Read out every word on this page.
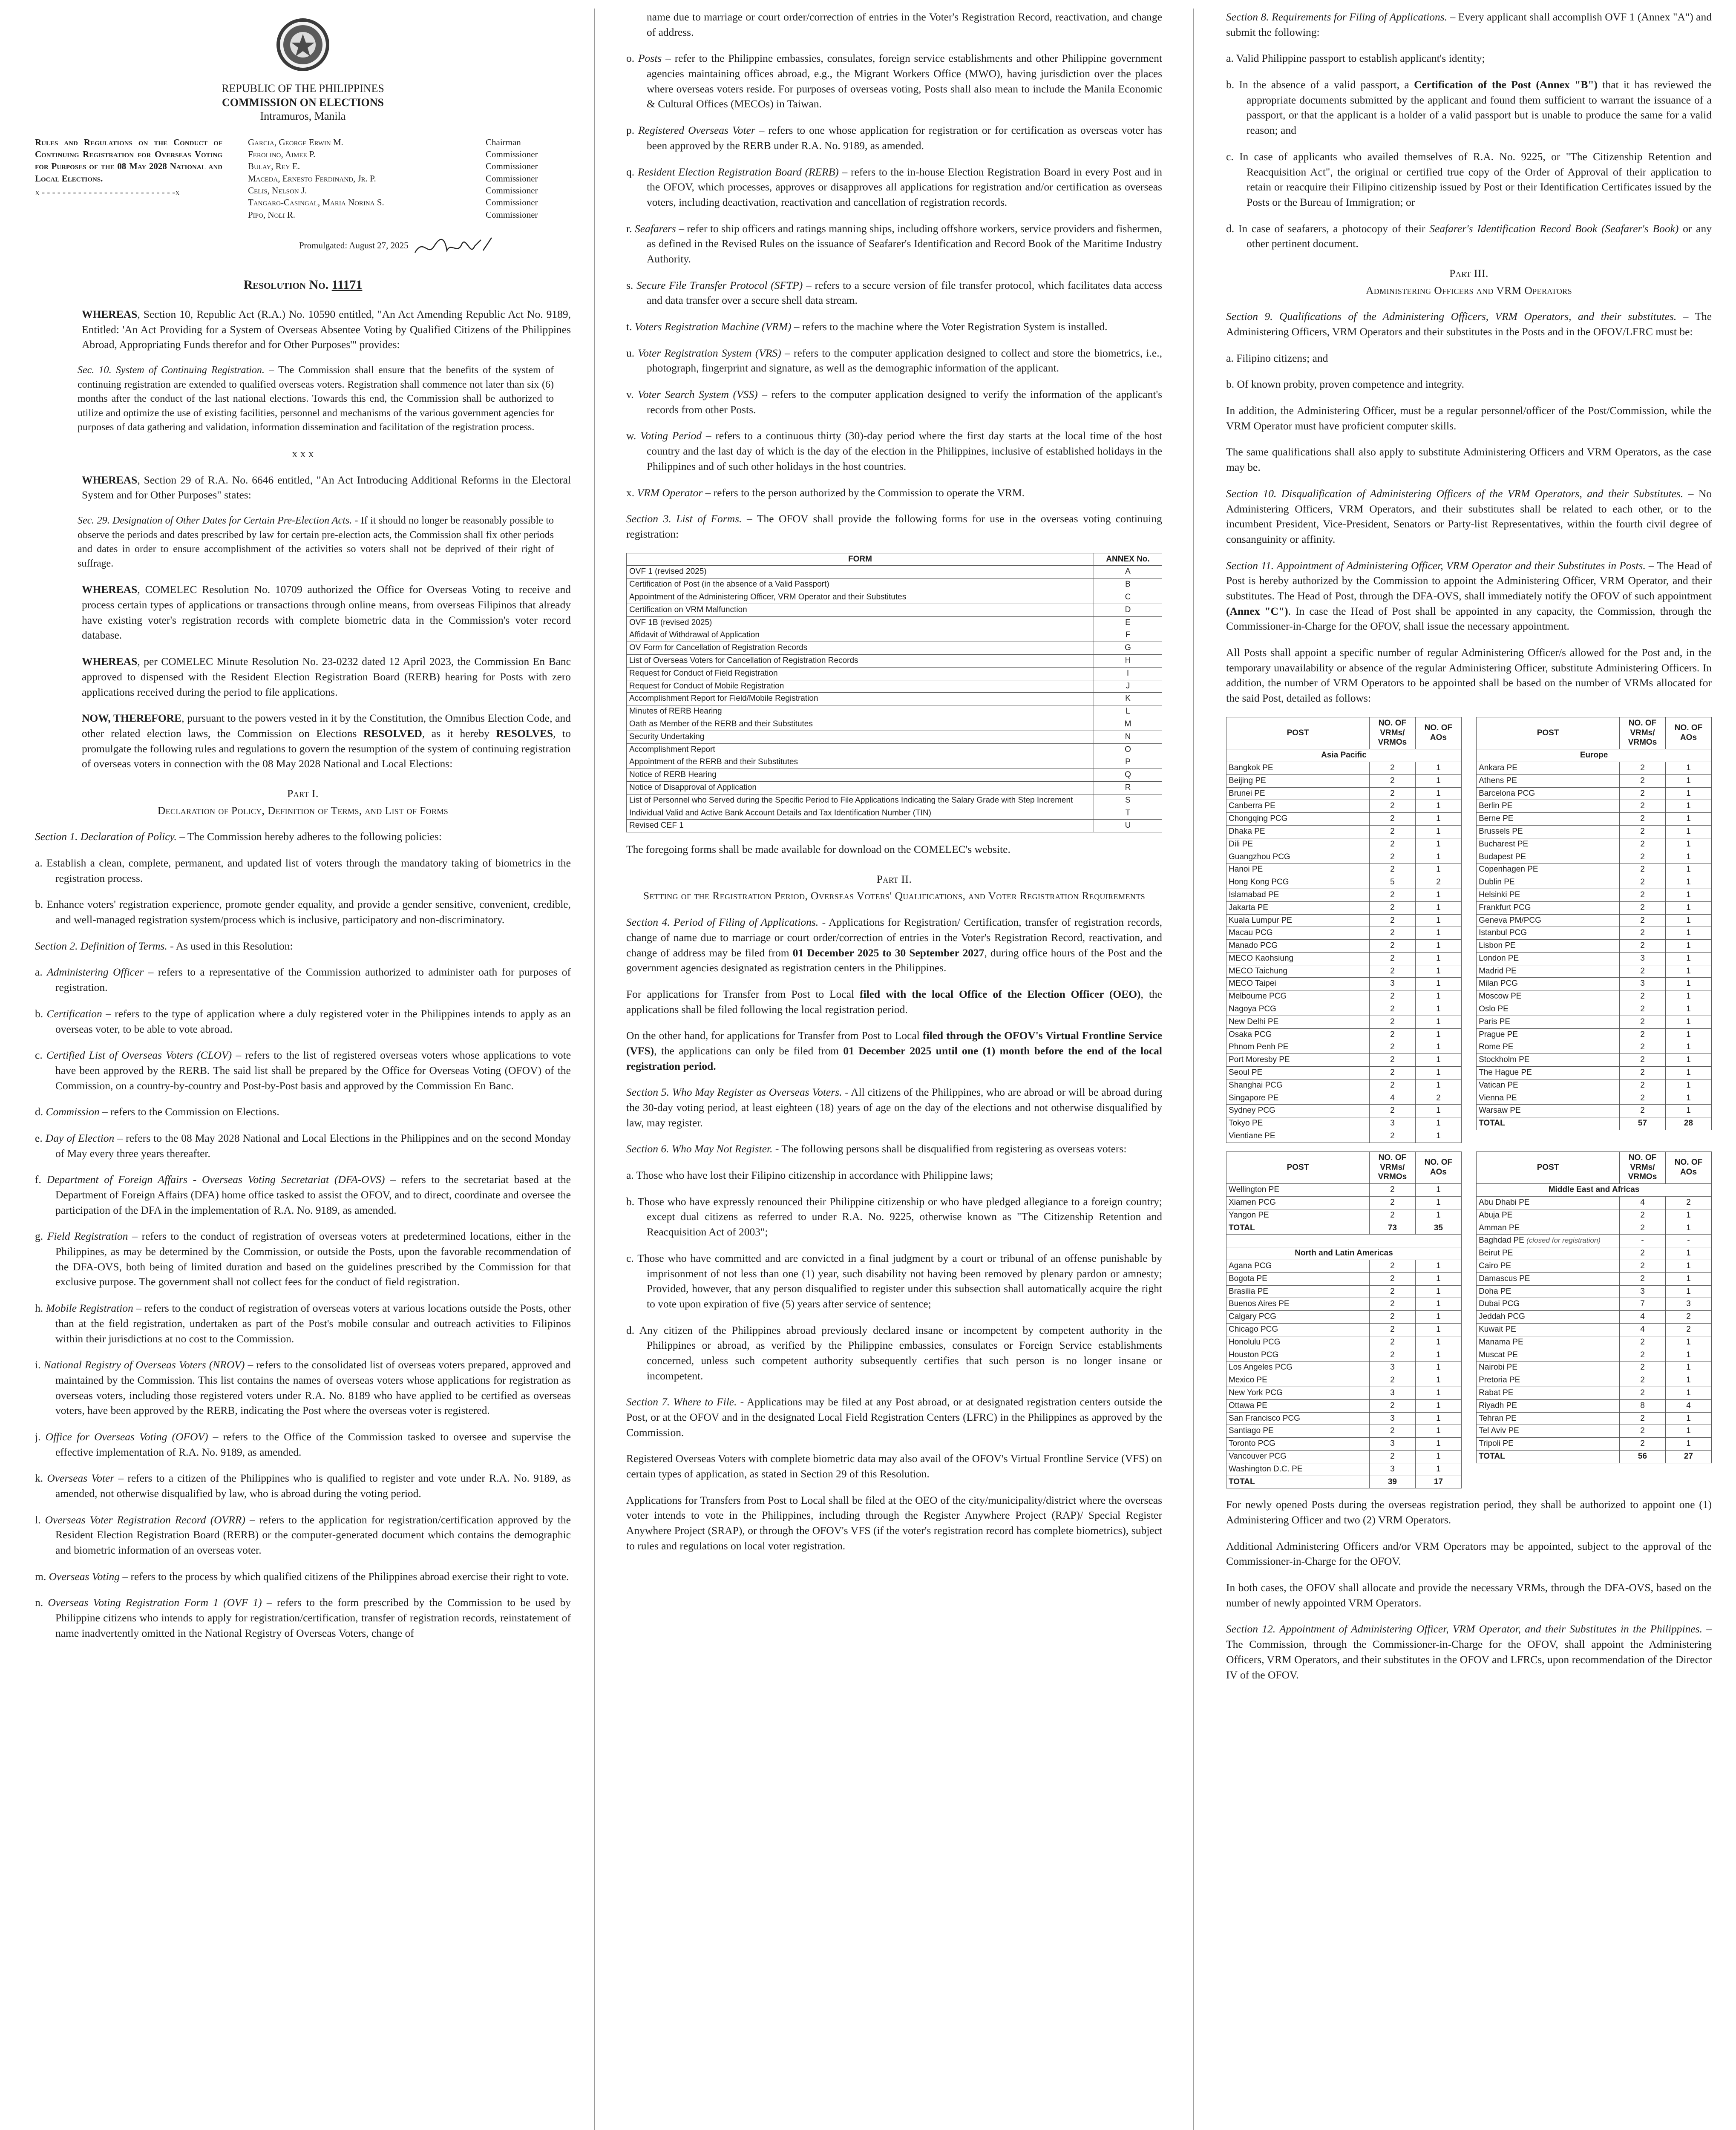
REPUBLIC OF THE PHILIPPINES
COMMISSION ON ELECTIONS
Intramuros, Manila
Rules and Regulations on the Conduct of Continuing Registration for Overseas Voting for Purposes of the 08 May 2028 National and Local Elections.
x - - - - - - - - - - - - - - - - - - - - - - - - - -x
Garcia, George Erwin M.	Chairman
Ferolino, Aimee P.	Commissioner
Bulay, Rey E.	Commissioner
Maceda, Ernesto Ferdinand, Jr. P.	Commissioner
Celis, Nelson J.	Commissioner
Tangaro-Casingal, Maria Norina S.	Commissioner
Pipo, Noli R.	Commissioner
Promulgated: August 27, 2025
Resolution No. 11171

WHEREAS, Section 10, Republic Act (R.A.) No. 10590 entitled, "An Act Amending Republic Act No. 9189, Entitled: 'An Act Providing for a System of Overseas Absentee Voting by Qualified Citizens of the Philippines Abroad, Appropriating Funds therefor and for Other Purposes'" provides:

Sec. 10. System of Continuing Registration. – The Commission shall ensure that the benefits of the system of continuing registration are extended to qualified overseas voters. Registration shall commence not later than six (6) months after the conduct of the last national elections. Towards this end, the Commission shall be authorized to utilize and optimize the use of existing facilities, personnel and mechanisms of the various government agencies for purposes of data gathering and validation, information dissemination and facilitation of the registration process.

x x x

WHEREAS, Section 29 of R.A. No. 6646 entitled, "An Act Introducing Additional Reforms in the Electoral System and for Other Purposes" states:

Sec. 29. Designation of Other Dates for Certain Pre-Election Acts. - If it should no longer be reasonably possible to observe the periods and dates prescribed by law for certain pre-election acts, the Commission shall fix other periods and dates in order to ensure accomplishment of the activities so voters shall not be deprived of their right of suffrage.

WHEREAS, COMELEC Resolution No. 10709 authorized the Office for Overseas Voting to receive and process certain types of applications or transactions through online means, from overseas Filipinos that already have existing voter's registration records with complete biometric data in the Commission's voter record database.

WHEREAS, per COMELEC Minute Resolution No. 23-0232 dated 12 April 2023, the Commission En Banc approved to dispensed with the Resident Election Registration Board (RERB) hearing for Posts with zero applications received during the period to file applications.

NOW, THEREFORE, pursuant to the powers vested in it by the Constitution, the Omnibus Election Code, and other related election laws, the Commission on Elections RESOLVED, as it hereby RESOLVES, to promulgate the following rules and regulations to govern the resumption of the system of continuing registration of overseas voters in connection with the 08 May 2028 National and Local Elections:

Part I.
Declaration of Policy, Definition of Terms, and List of Forms

Section 1. Declaration of Policy. – The Commission hereby adheres to the following policies:

a. Establish a clean, complete, permanent, and updated list of voters through the mandatory taking of biometrics in the registration process.

b. Enhance voters' registration experience, promote gender equality, and provide a gender sensitive, convenient, credible, and well-managed registration system/process which is inclusive, participatory and non-discriminatory.

Section 2. Definition of Terms. - As used in this Resolution:

a. Administering Officer – refers to a representative of the Commission authorized to administer oath for purposes of registration.

b. Certification – refers to the type of application where a duly registered voter in the Philippines intends to apply as an overseas voter, to be able to vote abroad.

c. Certified List of Overseas Voters (CLOV) – refers to the list of registered overseas voters whose applications to vote have been approved by the RERB. The said list shall be prepared by the Office for Overseas Voting (OFOV) of the Commission, on a country-by-country and Post-by-Post basis and approved by the Commission En Banc.

d. Commission – refers to the Commission on Elections.

e. Day of Election – refers to the 08 May 2028 National and Local Elections in the Philippines and on the second Monday of May every three years thereafter.

f. Department of Foreign Affairs - Overseas Voting Secretariat (DFA-OVS) – refers to the secretariat based at the Department of Foreign Affairs (DFA) home office tasked to assist the OFOV, and to direct, coordinate and oversee the participation of the DFA in the implementation of R.A. No. 9189, as amended.

g. Field Registration – refers to the conduct of registration of overseas voters at predetermined locations, either in the Philippines, as may be determined by the Commission, or outside the Posts, upon the favorable recommendation of the DFA-OVS, both being of limited duration and based on the guidelines prescribed by the Commission for that exclusive purpose. The government shall not collect fees for the conduct of field registration.

h. Mobile Registration – refers to the conduct of registration of overseas voters at various locations outside the Posts, other than at the field registration, undertaken as part of the Post's mobile consular and outreach activities to Filipinos within their jurisdictions at no cost to the Commission.

i. National Registry of Overseas Voters (NROV) – refers to the consolidated list of overseas voters prepared, approved and maintained by the Commission. This list contains the names of overseas voters whose applications for registration as overseas voters, including those registered voters under R.A. No. 8189 who have applied to be certified as overseas voters, have been approved by the RERB, indicating the Post where the overseas voter is registered.

j. Office for Overseas Voting (OFOV) – refers to the Office of the Commission tasked to oversee and supervise the effective implementation of R.A. No. 9189, as amended.

k. Overseas Voter – refers to a citizen of the Philippines who is qualified to register and vote under R.A. No. 9189, as amended, not otherwise disqualified by law, who is abroad during the voting period.

l. Overseas Voter Registration Record (OVRR) – refers to the application for registration/certification approved by the Resident Election Registration Board (RERB) or the computer-generated document which contains the demographic and biometric information of an overseas voter.

m. Overseas Voting – refers to the process by which qualified citizens of the Philippines abroad exercise their right to vote.

n. Overseas Voting Registration Form 1 (OVF 1) – refers to the form prescribed by the Commission to be used by Philippine citizens who intends to apply for registration/certification, transfer of registration records, reinstatement of name inadvertently omitted in the National Registry of Overseas Voters, change of

name due to marriage or court order/correction of entries in the Voter's Registration Record, reactivation, and change of address.

o. Posts – refer to the Philippine embassies, consulates, foreign service establishments and other Philippine government agencies maintaining offices abroad, e.g., the Migrant Workers Office (MWO), having jurisdiction over the places where overseas voters reside. For purposes of overseas voting, Posts shall also mean to include the Manila Economic & Cultural Offices (MECOs) in Taiwan.

p. Registered Overseas Voter – refers to one whose application for registration or for certification as overseas voter has been approved by the RERB under R.A. No. 9189, as amended.

q. Resident Election Registration Board (RERB) – refers to the in-house Election Registration Board in every Post and in the OFOV, which processes, approves or disapproves all applications for registration and/or certification as overseas voters, including deactivation, reactivation and cancellation of registration records.

r. Seafarers – refer to ship officers and ratings manning ships, including offshore workers, service providers and fishermen, as defined in the Revised Rules on the issuance of Seafarer's Identification and Record Book of the Maritime Industry Authority.

s. Secure File Transfer Protocol (SFTP) – refers to a secure version of file transfer protocol, which facilitates data access and data transfer over a secure shell data stream.

t. Voters Registration Machine (VRM) – refers to the machine where the Voter Registration System is installed.

u. Voter Registration System (VRS) – refers to the computer application designed to collect and store the biometrics, i.e., photograph, fingerprint and signature, as well as the demographic information of the applicant.

v. Voter Search System (VSS) – refers to the computer application designed to verify the information of the applicant's records from other Posts.

w. Voting Period – refers to a continuous thirty (30)-day period where the first day starts at the local time of the host country and the last day of which is the day of the election in the Philippines, inclusive of established holidays in the Philippines and of such other holidays in the host countries.

x. VRM Operator – refers to the person authorized by the Commission to operate the VRM.

Section 3. List of Forms. – The OFOV shall provide the following forms for use in the overseas voting continuing registration:

FORM	ANNEX No.
OVF 1 (revised 2025)	A
Certification of Post (in the absence of a Valid Passport)	B
Appointment of the Administering Officer, VRM Operator and their Substitutes	C
Certification on VRM Malfunction	D
OVF 1B (revised 2025)	E
Affidavit of Withdrawal of Application	F
OV Form for Cancellation of Registration Records	G
List of Overseas Voters for Cancellation of Registration Records	H
Request for Conduct of Field Registration	I
Request for Conduct of Mobile Registration	J
Accomplishment Report for Field/Mobile Registration	K
Minutes of RERB Hearing	L
Oath as Member of the RERB and their Substitutes	M
Security Undertaking	N
Accomplishment Report	O
Appointment of the RERB and their Substitutes	P
Notice of RERB Hearing	Q
Notice of Disapproval of Application	R
List of Personnel who Served during the Specific Period to File Applications Indicating the Salary Grade with Step Increment	S
Individual Valid and Active Bank Account Details and Tax Identification Number (TIN)	T
Revised CEF 1	U

The foregoing forms shall be made available for download on the COMELEC's website.

Part II.
Setting of the Registration Period, Overseas Voters' Qualifications, and Voter Registration Requirements

Section 4. Period of Filing of Applications. - Applications for Registration/ Certification, transfer of registration records, change of name due to marriage or court order/correction of entries in the Voter's Registration Record, reactivation, and change of address may be filed from 01 December 2025 to 30 September 2027, during office hours of the Post and the government agencies designated as registration centers in the Philippines.

For applications for Transfer from Post to Local filed with the local Office of the Election Officer (OEO), the applications shall be filed following the local registration period.

On the other hand, for applications for Transfer from Post to Local filed through the OFOV's Virtual Frontline Service (VFS), the applications can only be filed from 01 December 2025 until one (1) month before the end of the local registration period.

Section 5. Who May Register as Overseas Voters. - All citizens of the Philippines, who are abroad or will be abroad during the 30-day voting period, at least eighteen (18) years of age on the day of the elections and not otherwise disqualified by law, may register.

Section 6. Who May Not Register. - The following persons shall be disqualified from registering as overseas voters:

a. Those who have lost their Filipino citizenship in accordance with Philippine laws;

b. Those who have expressly renounced their Philippine citizenship or who have pledged allegiance to a foreign country; except dual citizens as referred to under R.A. No. 9225, otherwise known as "The Citizenship Retention and Reacquisition Act of 2003";

c. Those who have committed and are convicted in a final judgment by a court or tribunal of an offense punishable by imprisonment of not less than one (1) year, such disability not having been removed by plenary pardon or amnesty; Provided, however, that any person disqualified to register under this subsection shall automatically acquire the right to vote upon expiration of five (5) years after service of sentence;

d. Any citizen of the Philippines abroad previously declared insane or incompetent by competent authority in the Philippines or abroad, as verified by the Philippine embassies, consulates or Foreign Service establishments concerned, unless such competent authority subsequently certifies that such person is no longer insane or incompetent.

Section 7. Where to File. - Applications may be filed at any Post abroad, or at designated registration centers outside the Post, or at the OFOV and in the designated Local Field Registration Centers (LFRC) in the Philippines as approved by the Commission.

Registered Overseas Voters with complete biometric data may also avail of the OFOV's Virtual Frontline Service (VFS) on certain types of application, as stated in Section 29 of this Resolution.

Applications for Transfers from Post to Local shall be filed at the OEO of the city/municipality/district where the overseas voter intends to vote in the Philippines, including through the Register Anywhere Project (RAP)/ Special Register Anywhere Project (SRAP), or through the OFOV's VFS (if the voter's registration record has complete biometrics), subject to rules and regulations on local voter registration.

Section 8. Requirements for Filing of Applications. – Every applicant shall accomplish OVF 1 (Annex "A") and submit the following:

a. Valid Philippine passport to establish applicant's identity;

b. In the absence of a valid passport, a Certification of the Post (Annex "B") that it has reviewed the appropriate documents submitted by the applicant and found them sufficient to warrant the issuance of a passport, or that the applicant is a holder of a valid passport but is unable to produce the same for a valid reason; and

c. In case of applicants who availed themselves of R.A. No. 9225, or "The Citizenship Retention and Reacquisition Act", the original or certified true copy of the Order of Approval of their application to retain or reacquire their Filipino citizenship issued by Post or their Identification Certificates issued by the Posts or the Bureau of Immigration; or

d. In case of seafarers, a photocopy of their Seafarer's Identification Record Book (Seafarer's Book) or any other pertinent document.

Part III.
Administering Officers and VRM Operators

Section 9. Qualifications of the Administering Officers, VRM Operators, and their substitutes. – The Administering Officers, VRM Operators and their substitutes in the Posts and in the OFOV/LFRC must be:

a. Filipino citizens; and

b. Of known probity, proven competence and integrity.

In addition, the Administering Officer, must be a regular personnel/officer of the Post/Commission, while the VRM Operator must have proficient computer skills.

The same qualifications shall also apply to substitute Administering Officers and VRM Operators, as the case may be.

Section 10. Disqualification of Administering Officers of the VRM Operators, and their Substitutes. – No Administering Officers, VRM Operators, and their substitutes shall be related to each other, or to the incumbent President, Vice-President, Senators or Party-list Representatives, within the fourth civil degree of consanguinity or affinity.

Section 11. Appointment of Administering Officer, VRM Operator and their Substitutes in Posts. – The Head of Post is hereby authorized by the Commission to appoint the Administering Officer, VRM Operator, and their substitutes. The Head of Post, through the DFA-OVS, shall immediately notify the OFOV of such appointment (Annex "C"). In case the Head of Post shall be appointed in any capacity, the Commission, through the Commissioner-in-Charge for the OFOV, shall issue the necessary appointment.

All Posts shall appoint a specific number of regular Administering Officer/s allowed for the Post and, in the temporary unavailability or absence of the regular Administering Officer, substitute Administering Officers. In addition, the number of VRM Operators to be appointed shall be based on the number of VRMs allocated for the said Post, detailed as follows:

POST	NO. OF VRMs/ VRMOs	NO. OF AOs
Asia Pacific		
Bangkok PE	2	1
Beijing PE	2	1
Brunei PE	2	1
Canberra PE	2	1
Chongqing PCG	2	1
Dhaka PE	2	1
Dili PE	2	1
Guangzhou PCG	2	1
Hanoi PE	2	1
Hong Kong PCG	5	2
Islamabad PE	2	1
Jakarta PE	2	1
Kuala Lumpur PE	2	1
Macau PCG	2	1
Manado PCG	2	1
MECO Kaohsiung	2	1
MECO Taichung	2	1
MECO Taipei	3	1
Melbourne PCG	2	1
Nagoya PCG	2	1
New Delhi PE	2	1
Osaka PCG	2	1
Phnom Penh PE	2	1
Port Moresby PE	2	1
Seoul PE	2	1
Shanghai PCG	2	1
Singapore PE	4	2
Sydney PCG	2	1
Tokyo PE	3	1
Vientiane PE	2	1
POST	NO. OF VRMs/ VRMOs	NO. OF AOs
Europe		
Ankara PE	2	1
Athens PE	2	1
Barcelona PCG	2	1
Berlin PE	2	1
Berne PE	2	1
Brussels PE	2	1
Bucharest PE	2	1
Budapest PE	2	1
Copenhagen PE	2	1
Dublin PE	2	1
Helsinki PE	2	1
Frankfurt PCG	2	1
Geneva PM/PCG	2	1
Istanbul PCG	2	1
Lisbon PE	2	1
London PE	3	1
Madrid PE	2	1
Milan PCG	3	1
Moscow PE	2	1
Oslo PE	2	1
Paris PE	2	1
Prague PE	2	1
Rome PE	2	1
Stockholm PE	2	1
The Hague PE	2	1
Vatican PE	2	1
Vienna PE	2	1
Warsaw PE	2	1
TOTAL	57	28
POST	NO. OF VRMs/ VRMOs	NO. OF AOs
Wellington PE	2	1
Xiamen PCG	2	1
Yangon PE	2	1
TOTAL	73	35

North and Latin Americas		
Agana PCG	2	1
Bogota PE	2	1
Brasilia PE	2	1
Buenos Aires PE	2	1
Calgary PCG	2	1
Chicago PCG	2	1
Honolulu PCG	2	1
Houston PCG	2	1
Los Angeles PCG	3	1
Mexico PE	2	1
New York PCG	3	1
Ottawa PE	2	1
San Francisco PCG	3	1
Santiago PE	2	1
Toronto PCG	3	1
Vancouver PCG	2	1
Washington D.C. PE	3	1
TOTAL	39	17
POST	NO. OF VRMs/ VRMOs	NO. OF AOs
Middle East and Africas		
Abu Dhabi PE	4	2
Abuja PE	2	1
Amman PE	2	1
Baghdad PE (closed for registration)	-	-
Beirut PE	2	1
Cairo PE	2	1
Damascus PE	2	1
Doha PE	3	1
Dubai PCG	7	3
Jeddah PCG	4	2
Kuwait PE	4	2
Manama PE	2	1
Muscat PE	2	1
Nairobi PE	2	1
Pretoria PE	2	1
Rabat PE	2	1
Riyadh PE	8	4
Tehran PE	2	1
Tel Aviv PE	2	1
Tripoli PE	2	1
TOTAL	56	27

For newly opened Posts during the overseas registration period, they shall be authorized to appoint one (1) Administering Officer and two (2) VRM Operators.

Additional Administering Officers and/or VRM Operators may be appointed, subject to the approval of the Commissioner-in-Charge for the OFOV.

In both cases, the OFOV shall allocate and provide the necessary VRMs, through the DFA-OVS, based on the number of newly appointed VRM Operators.

Section 12. Appointment of Administering Officer, VRM Operator, and their Substitutes in the Philippines. – The Commission, through the Commissioner-in-Charge for the OFOV, shall appoint the Administering Officers, VRM Operators, and their substitutes in the OFOV and LFRCs, upon recommendation of the Director IV of the OFOV.
